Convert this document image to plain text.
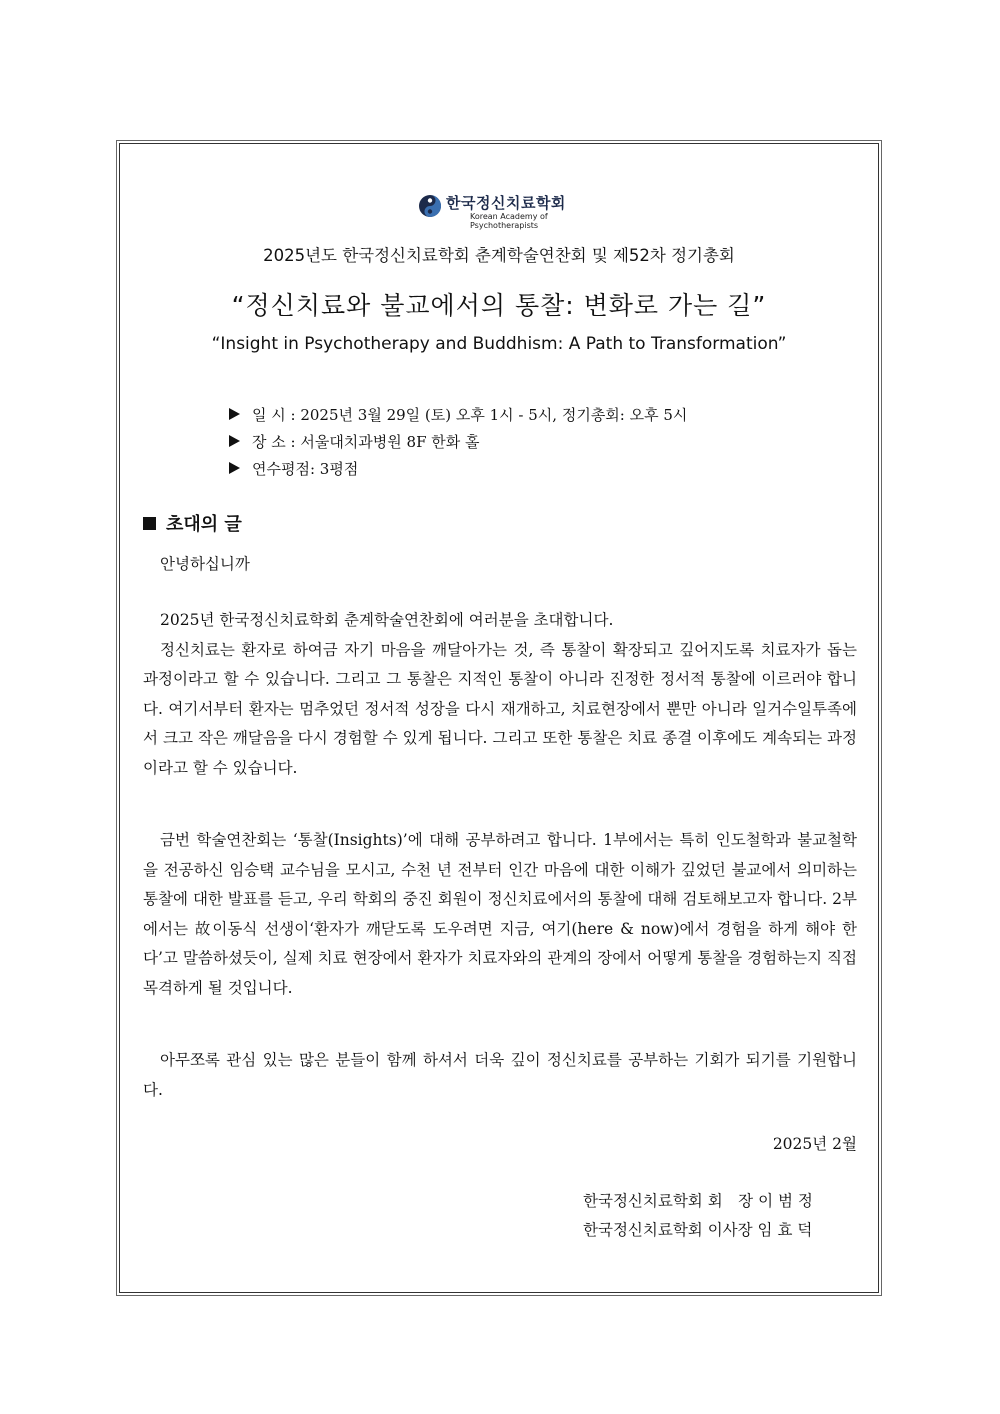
한국정신치료학회
Korean Academy of
Psychotherapists
2025년도 한국정신치료학회 춘계학술연찬회 및 제52차 정기총회
“정신치료와 불교에서의 통찰: 변화로 가는 길”
“Insight in Psychotherapy and Buddhism: A Path to Transformation”
일 시 : 2025년 3월 29일 (토) 오후 1시 - 5시, 정기총회: 오후 5시
장 소 : 서울대치과병원 8F 한화 홀
연수평점: 3평점
초대의 글
안녕하십니까
2025년 한국정신치료학회 춘계학술연찬회에 여러분을 초대합니다.
정신치료는 환자로 하여금 자기 마음을 깨달아가는 것, 즉 통찰이 확장되고 깊어지도록 치료자가 돕는 과정이라고 할 수 있습니다. 그리고 그 통찰은 지적인 통찰이 아니라 진정한 정서적 통찰에 이르러야 합니다. 여기서부터 환자는 멈추었던 정서적 성장을 다시 재개하고, 치료현장에서 뿐만 아니라 일거수일투족에서 크고 작은 깨달음을 다시 경험할 수 있게 됩니다. 그리고 또한 통찰은 치료 종결 이후에도 계속되는 과정이라고 할 수 있습니다.
금번 학술연찬회는 ‘통찰(Insights)’에 대해 공부하려고 합니다. 1부에서는 특히 인도철학과 불교철학을 전공하신 임승택 교수님을 모시고, 수천 년 전부터 인간 마음에 대한 이해가 깊었던 불교에서 의미하는 통찰에 대한 발표를 듣고, 우리 학회의 중진 회원이 정신치료에서의 통찰에 대해 검토해보고자 합니다. 2부에서는 故이동식 선생이‘환자가 깨닫도록 도우려면 지금, 여기(here & now)에서 경험을 하게 해야 한다’고 말씀하셨듯이, 실제 치료 현장에서 환자가 치료자와의 관계의 장에서 어떻게 통찰을 경험하는지 직접 목격하게 될 것입니다.
아무쪼록 관심 있는 많은 분들이 함께 하셔서 더욱 깊이 정신치료를 공부하는 기회가 되기를 기원합니다.
2025년 2월
한국정신치료학회 회　장 이 범 정
한국정신치료학회 이사장 임 효 덕
